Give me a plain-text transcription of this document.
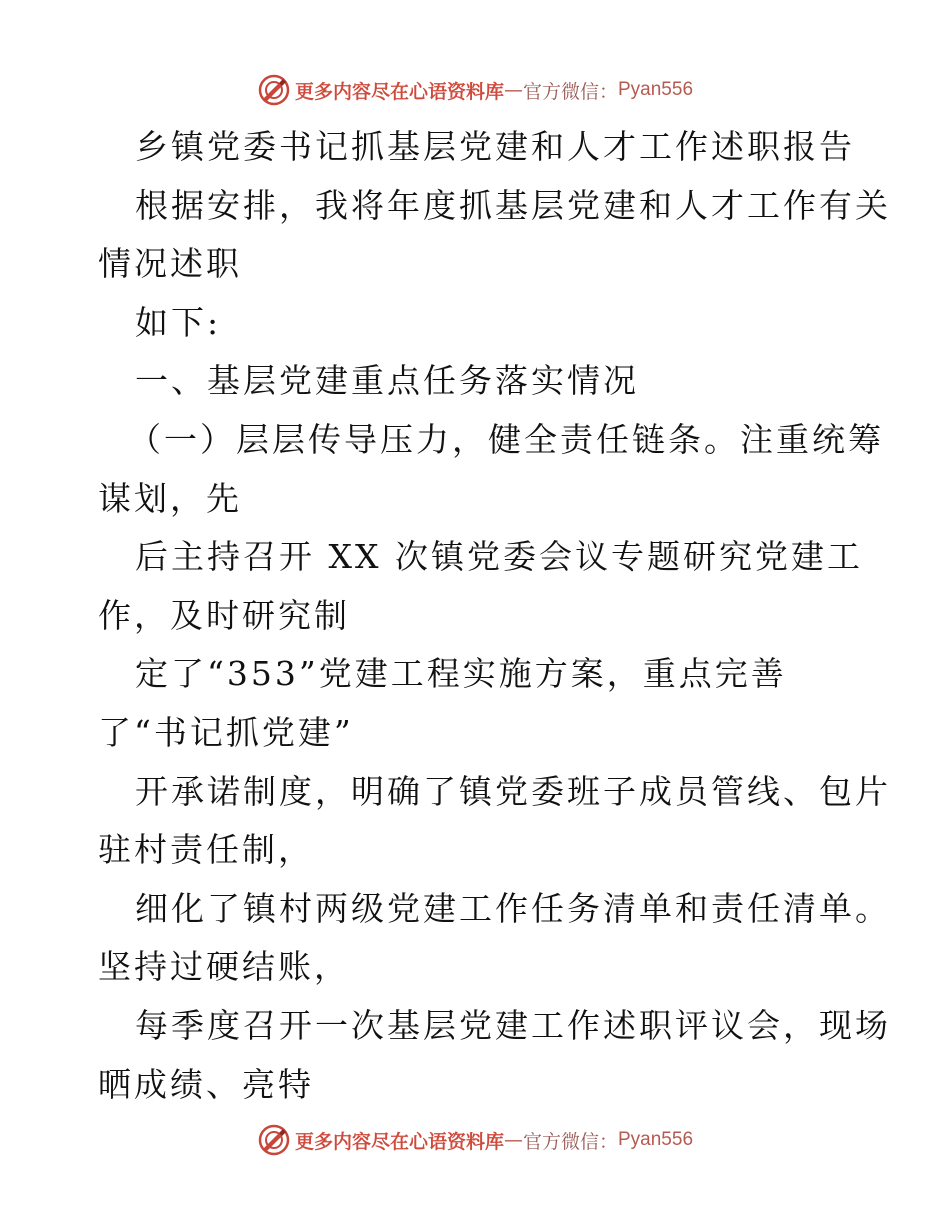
更多内容尽在心语资料库 — 官方微信： Pyan556
乡镇党委书记抓基层党建和人才工作述职报告
根据安排，我将年度抓基层党建和人才工作有关
情况述职
如下:
一、基层党建重点任务落实情况
（一）层层传导压力，健全责任链条。注重统筹
谋划，先
后主持召开 XX 次镇党委会议专题研究党建工
作，及时研究制
定了“353”党建工程实施方案，重点完善
了“书记抓党建”
开承诺制度，明确了镇党委班子成员管线、包片
驻村责任制，
细化了镇村两级党建工作任务清单和责任清单。
坚持过硬结账，
每季度召开一次基层党建工作述职评议会，现场
晒成绩、亮特
更多内容尽在心语资料库 — 官方微信： Pyan556
